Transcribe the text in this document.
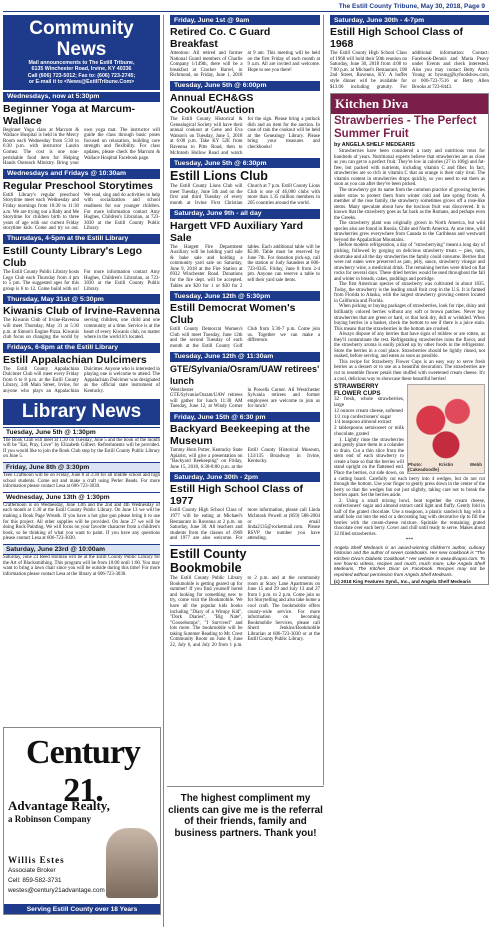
The Estill County Tribune, May 30, 2018, Page 9
Community News
Mail announcements to The Estill Tribune,
6135 Winchester Road, Irvine, KY 40336
Call (606) 723-5012; Fax to: (606) 723-2745;
or E-mail it to <News@EstillTribune.Com>
Wednesdays, now at 5:30pm
Beginner Yoga at Marcum-Wallace
Beginner Yoga class at Marcum & Wallace Hospital is held in the Mercy Room each Wednesday from 5:30 to 6:30 p.m. with instructor Laurin Gomez. The cost is one non-perishable food item for Helping Hands Outreach Ministry. Bring your own yoga mat. The instructor will guide the class through basic poses focused on relaxation, building core strength and flexibility. For class updates, please check the Marcum & Wallace Hospital Facebook page.
Wednesdays and Fridays @ 10:30am
Regular Preschool Storytimes
Estill Library's regular preschool Storytime meet each Wednesday and Friday mornings from 10:30 to 11:30 a.m. We are trying out a Baby and Me Storytime for children birth to three years of age with our current Friday storytime kids. Come and try us out. We read, sing and do activities to help with socialization and school readiness for our younger children. For more information contact Amy Hughes, Children's Librarian, at 723-3030 at the Estill County Public Library.
Thursdays, 4-5pm at the Estill Library
Estill County Library's Lego Club
The Estill County Public Library hosts Lego Club each Thursday from 4 pm to 5 pm. The suggested ages for this group is 6 to 12. Come build with us! For more information contact Amy Hughes, Children's Librarian, at 723-3030 at the Estill County Public Library.
Thursday, May 31st @ 5:30pm
Kiwanis Club of Irvine-Ravenna
The Kiwanis Club of Irvine-Ravenna will meet Thursday, May 31 at 5:30 p.m. at Simon's Engine Pizza. Kiwanis club focus on changing the world by serving children, one child and one community at a time. Service is at the heart of every Kiwanis club, no matter where in the world it's located.
Fridays, 6-8pm at the Estill Library
Estill Appalachian Dulcimers
The Estill County Appalachian Dulcimer Club will meet every Friday from 6 to 8 p.m. at the Estill County Library, 246 Main Street, Irvine, for anyone who plays an Appalachian Dulcimer. Anyone who is interested in playing one is welcome to attend. The Appalachian Dulcimer was designated as the official state instrument of Kentucky.
Library News
Tuesday, June 5th @ 1:30pm
The Book Club will meet at 1:30 on Tuesday, June 5 and the book of the month will be "Eat, Pray, Love" by Elizabeth Gilbert. Refreshments will be provided. If you would like to join the Book Club stop by the Estill County Public Library on June 5.
Friday, June 8th @ 3:30pm
Teen Craftnoon will be on Friday, June 8 at 3:30 for all middle school and high school students. Come out and make a craft using Perler Beads. For more information please contact Lesa at 606-723-3030.
Wednesday, June 13th @ 1:30pm
Crafternoon is on Wednesday, June 13th and the 2nd and 4th Wednesday of each month at 1:30 at the Estill County Public Library. On June 13 we will be making a Book Page Wreath. If you have a hot glue gun please bring it to use for this project. All other supplies will be provided. On June 27 we will be doing Rock Painting. We will focus on your favorite character from a children's book, so be thinking of what you want to paint. If you have any questions please contact Lesa at 606-723-3030.
Saturday, June 23rd @ 10:00am
Saturday, June 23 Reed Holman will be at the Estill County Public Library for the Art of Blacksmithing. This program will be from 10:00 until 1:00. You may want to bring a lawn chair since you will be outside during this time! For more information please contact Lesa at the library at 606-723-3030.
Century 21.
Advantage Realty,
a Robinson Company
Willis Estes
Associate Broker
Cell: 859-582-3731
westes@century21advantage.com
Serving Estill County over 18 Years
Friday, June 1st @ 9am
Retired Co. C Guard Breakfast
Attention: All retired and former National Guard members of Charlie Company 1/149th, there will be a breakfast at Cracker Barrel, in Richmond, on Friday, June 1, 2018 at 9 am. This meeting will be held on the first Friday of each month at 9 a.m. All are invited and welcome. Hope to see you there!
Tuesday, June 5th @ 6:00pm
Annual ECH&GS Cookout/Auction
The Estill County Historical & Genealogical Society will have their annual cookout at Gene and Eva Watson's on Tuesday, June 5, 2018 at 6:00 p.m. Take KY 52E from Ravenna to Pitts Road, then to McIntosh Hollow Road and watch for the sign. Please bring a potluck dish and an item for the auction. In case of rain the cookout will be held at the Genealogy Library. Please bring your treasures and checkbooks!
Tuesday, June 5th @ 6:30pm
Estill Lions Club
The Estill County Lions Club will meet Tuesday, June 5th and on the first and third Tuesday of every month at Irvine First Christian Church at 7 p.m. Estill County Lions Club is one of 46,000 clubs with more than 1.35 million members in 205 countries around the world.
Saturday, June 9th - all day
Hargett VFD Auxiliary Yard Sale
The Hargett Fire Department Auxiliary will be holding yard sale & bake sale and holding a community yard sale on Saturday, June 9, 2018 at the Fire Station at 6932 Winchester Road. Donations for the fire dept. will be accepted. Tables are $20 for 1 or $30 for 2 tables. Each additional table will be $5.00. Table must be reserved by June 7th. For donation pick-up, call the station or Judy Saunders at 606-723-0345. Friday, June 8 from 2-4 pm. Anyone can reserve a table to sell their yard sale items.
Tuesday, June 12th @ 5:30pm
Estill Democrat Women's Club
Estill County Democrat Women's Club will meet Tuesday, June 12th and the second Tuesday of each month at the Estill County Golf Club from 5:30-7 p.m. Come join us. Together we can make a difference.
Tuesday, June 12th @ 11:30am
GTE/Sylvania/Osram/UAW retirees' lunch
Westchester GTE/Sylvania/Osram/UAW retirees will gather for lunch 11:30 AM Tuesday, June 12, at Windy Corner in Powells Corner. All Westchester Sylvania retirees and former employees are welcome to join us for lunch!
Friday, June 15th @ 6:30 pm
Backyard Beekeeping at the Museum
Tammy Horn Potter, Kentucky State Apiarist, will give a presentation on "Backyard Beekeeping" on Friday, June 15, 2018, 6:30-8:00 p.m. at the Estill County Historical Museum, 133/135 Broadway in Irvine, Kentucky.
Saturday, June 30th - 2pm
Estill High School Class of 1977
Estill County High School Class of 1977 will be eating at Michael's Restaurant in Ravenna at 2 p.m. on Saturday, June 30. All teachers and students from the classes of 1969 and 1977 are also welcome. For more information, please call Linda McIntosh Powell at (859) 588-2004 or email linda2135@rocketmail.com. Please RSVP the number you have attending.
Estill County Bookmobile
The Estill County Public Library Bookmobile is getting geared up for summer! If you find yourself bored and looking for something new to try, come visit the Bookmobile. We have all the popular kids books including "Diary of a Wimpy Kid", "Dork Diaries", "Big Nate", "Goosebumps", "I Survived" and lots more. The bookmobile will be taking Summer Reading to Mt. Crest Community Room on June 8, June 22, July 6, and July 20 from 1 p.m. to 2 p.m. and at the community room at Stacy Lane Apartments on June 15 and 29 and July 13 and 27 from 1 p.m. to 2 p.m. Come join us for Storytelling and also take home a cool craft. The bookmobile offers county-wide service. For more information on becoming Bookmobile Services, please call Sherri Jenkins/Bookmobile Librarian at 606-723-3030 or at the Estill County Public Library.
The highest compliment my clients can give me is the referral of their friends, family and business partners. Thank you!
Saturday, June 30th - 4-7pm
Estill High School Class of 1968
The Estill County High School Class of 1968 will hold their 50th reunion on Saturday, June 30, 2018 from 4:00 to 7:00 p.m. at Michael's Restaurant, 108 2nd Street, Ravenna, KY. A buffet style dinner will be available for $13.00 including gratuity. For additional information: Contact: Facebook-Dennis and Maria Peavy under Events and check interested. Also you may contact Betty Arvin Young at byoung@kyfoodshow.com, or 606-723-7516 or Betty Allen Brooks at 723-8443.
Kitchen Diva
Strawberries - The Perfect Summer Fruit
by ANGELA SHELF MEDEARIS

Strawberries have been considered a tasty and nutritious treat for hundreds of years. Nutritional experts believe that strawberries are as close as you can get to a perfect fruit. They're low in calories (27 in 100g) and fat-free, but packed with nutrients, including vitamin C and fiber. In fact, strawberries are so rich in vitamin C that an orange is their only rival. The vitamin content in strawberries drops quickly, so you need to eat them as soon as you can after they've been picked.

The strawberry got its name from the common practice of growing berries under straw to protect them from winter cold and late spring frosts. A member of the rose family, the strawberry sometimes grows off a rose-like stems. Many speculate about how the luscious fruit was discovered. It is known that the strawberry goes as far back as the Romans, and perhaps even the Greeks.

The strawberry plant was originally grown in North America, but wild species also are found in Russia, Chile and North America. At one time, wild strawberries grew everywhere from Canada to the Caribbean and westward beyond the Appalachian Mountains.

Before modern refrigeration, a day of "strawberrying" meant a long day of picking, followed by gorging on delicious strawberry treats -- pies, tarts, shortcake and all the day strawberries the family could consume. Berries that were not eaten were preserved as jam, jelly, sauce, strawberry vinegar and strawberry wine, a medicinal drink. The remaining berries were dried on flat rocks for several days. These dried berries would be used throughout the fall and winter in breads, cakes, puddings and porridge.

The first American species of strawberry was cultivated in about 1835. Today, the strawberry is the leading small fruit crop in the U.S. It is farmed from Florida to Alaska, with the largest strawberry growing centers located in California and Florida.

When picking or buying packages of strawberries, look for ripe, shiny and brilliantly colored berries without any soft or brown patches. Never buy strawberries that are green or hard, or that look dry, dull or wrinkled. When buying berries in a basket, check the bottom to see if there is a juice stain. This means that the strawberries in the bottom are crushed.

Always dispose of any berries that have signs of mildew or are rotten, as they'll contaminate the rest. Refrigerating strawberries ruins the flavor, and the strawberry aroma is easily picked up by other foods in the refrigerator. Store the berries in a cool place. Strawberries should be lightly rinsed, not soaked, before serving, and eaten as soon as possible.

This recipe for Strawberry Flower Cups is an easy way to serve fresh berries as a dessert or to use as a beautiful decoration. The strawberries are cut to resemble flower petals then stuffed with sweetened cream cheese. It's a cool, delicious way to showcase these beautiful berries!

Photo: Kristin Webb (Cakeadoodle)
STRAWBERRY FLOWER CUPS
32 fresh, whole strawberries, large
12 ounces cream cheese, softened
1/2 cup confectioners' sugar
1/4 teaspoon almond extract
2 tablespoons semisweet or milk chocolate, grated

1. Lightly rinse the strawberries and gently place them in a colander to drain. Cut a thin slice from the stem end of each strawberry to create a base so that the berries will stand upright on the flattened end. Place the berries, cut side down, on a cutting board. Carefully cut each berry into 4 wedges, but do not cut through the bottom. Use your finger to gently press down in the center of the berry so that the wedges fan out just slightly, taking care not to break the berries apart. Set the berries aside.

2. Using a small mixing bowl, beat together the cream cheese, confectioners' sugar and almond extract until light and fluffy. Gently fold in half of the grated chocolate. Use a teaspoon, a plastic sandwich bag with a small hole cut into the end or a decorating bag with decorative tip to fill the berries with the cream-cheese mixture. Sprinkle the remaining grated chocolate over each berry. Cover and chill until ready to serve. Makes about 32 filled strawberries.

***
Angela Shelf Medearis is an award-winning children's author, culinary historian and the author of seven cookbooks. Her new cookbook is "The Kitchen Diva's Diabetic Cookbook." Her website is www.divapro.com. To see how-to videos, recipes and much, much more, Like Angela Shelf Medearis, The Kitchen Diva! on Facebook. Recipes may not be reprinted without permission from Angela Shelf Medearis.
(c) 2018 King Features Synd., Inc., and Angela Shelf Medearis
